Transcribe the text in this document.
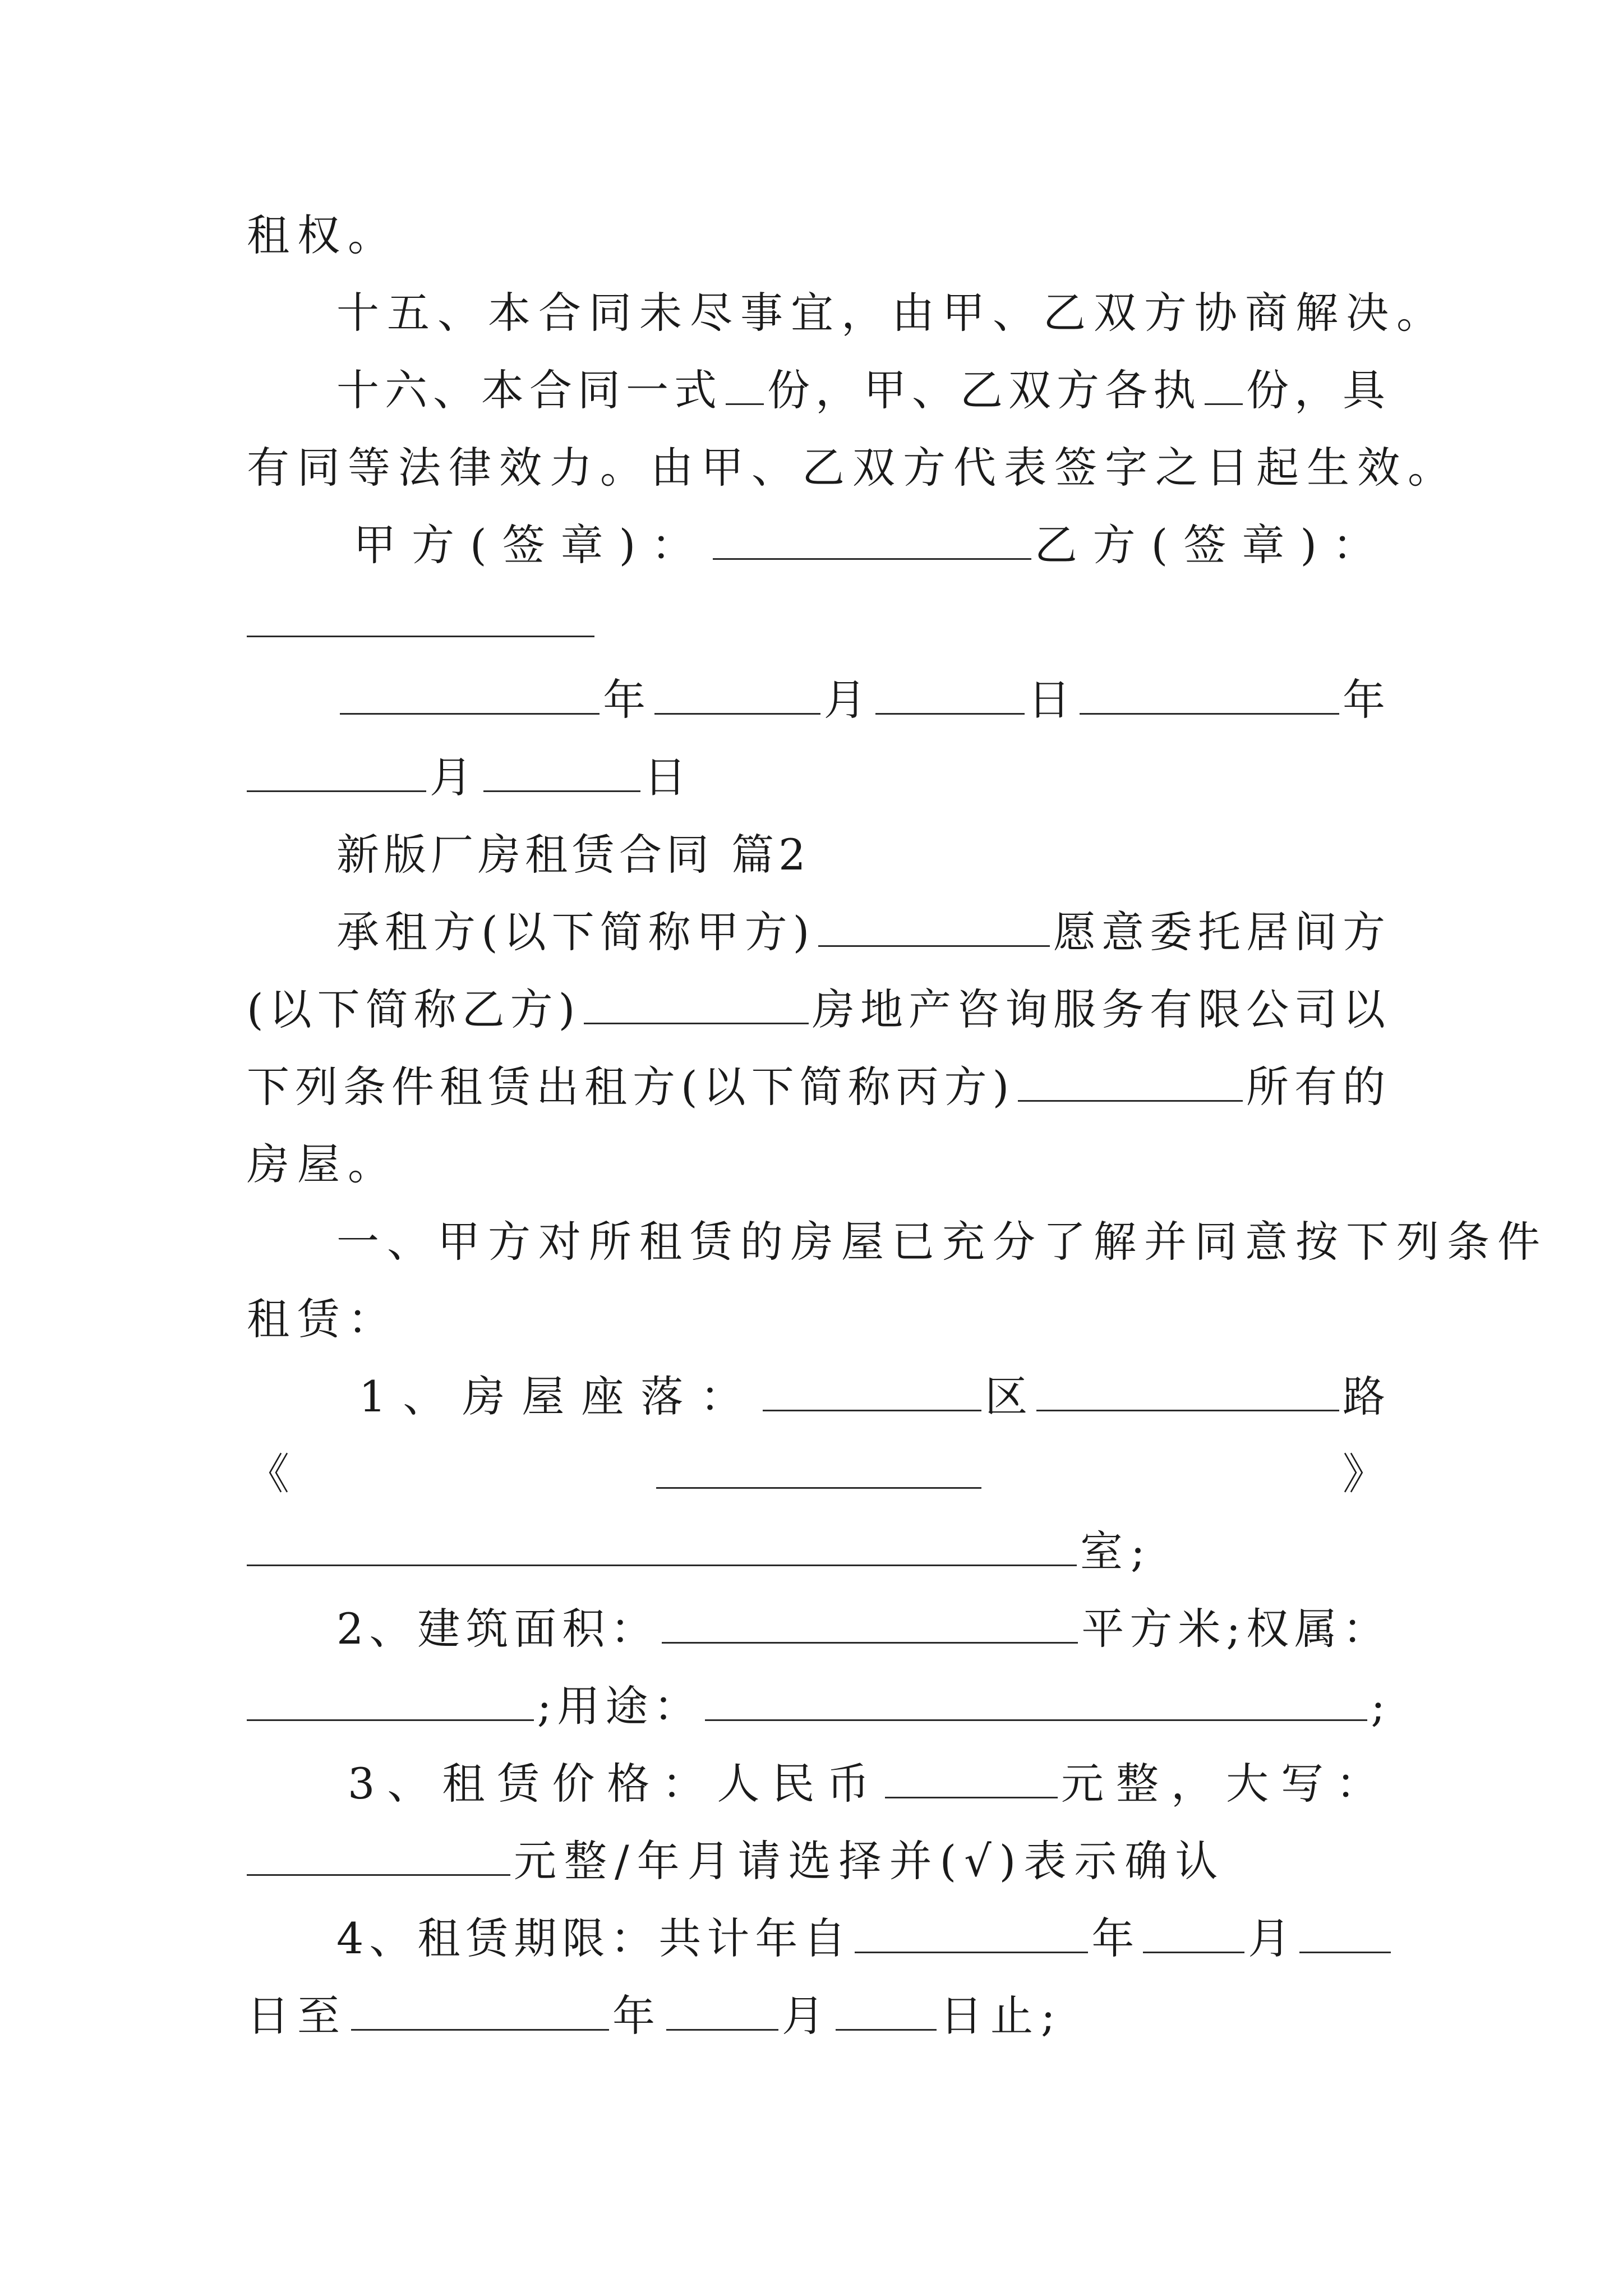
租权。
十五、本合同未尽事宜，由甲、乙双方协商解决。
十六、本合同一式 份，甲、乙双方各执 份，具
有同等法律效力。由甲、乙双方代表签字之日起生效。
甲方(签章)：	乙方(签章)：
年	月	日	年
月	日
新版厂房租赁合同 篇2
承租方(以下简称甲方)	愿意委托居间方
(以下简称乙方)	房地产咨询服务有限公司以
下列条件租赁出租方(以下简称丙方)	所有的
房屋。
一、甲方对所租赁的房屋已充分了解并同意按下列条件
租赁：
1、房屋座落：	区	路
《	》
室;
2、建筑面积：	平方米;权属：
;用途：	;
3、租赁价格：人民币	元整，大写：
元整/年月请选择并(√)表示确认
4、租赁期限：共计年自	年	月
日至	年	月	日止;
